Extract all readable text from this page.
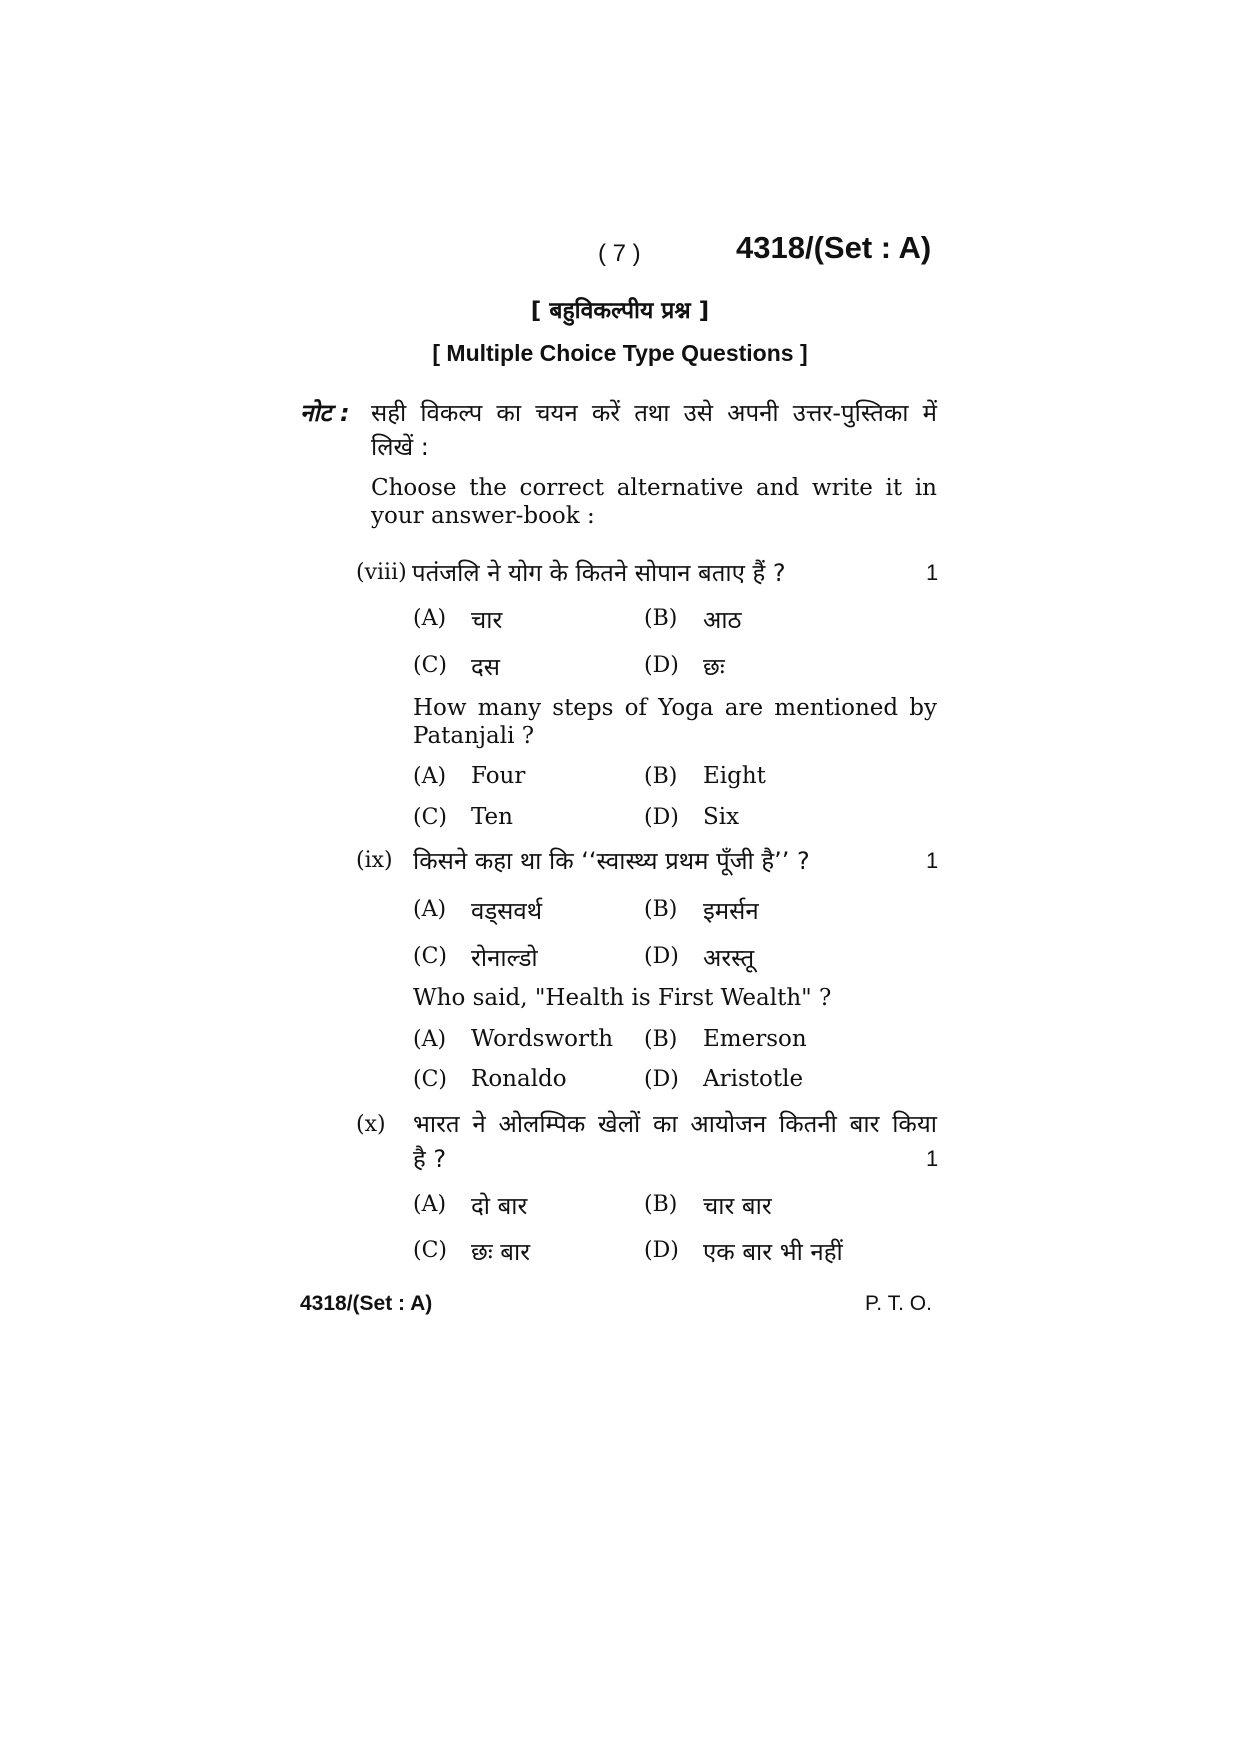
( 7 )	4318/(Set : A)
[ बहुविकल्पीय प्रश्न ]
[ Multiple Choice Type Questions ]
नोट : सही विकल्प का चयन करें तथा उसे अपनी उत्तर-पुस्तिका में
लिखें :
Choose the correct alternative and write it in
your answer-book :
(viii) पतंजलि ने योग के कितने सोपान बताए हैं ?	1
(A) चार	(B) आठ
(C) दस	(D) छः
How many steps of Yoga are mentioned by
Patanjali ?
(A) Four	(B) Eight
(C) Ten	(D) Six
(ix) किसने कहा था कि ‘‘स्वास्थ्य प्रथम पूँजी है’’ ?	1
(A) वड्सवर्थ	(B) इमर्सन
(C) रोनाल्डो	(D) अरस्तू
Who said, "Health is First Wealth" ?
(A) Wordsworth (B) Emerson
(C) Ronaldo	(D) Aristotle
(x) भारत ने ओलम्पिक खेलों का आयोजन कितनी बार किया
है ?	1
(A) दो बार	(B) चार बार
(C) छः बार	(D) एक बार भी नहीं
4318/(Set : A)	P. T. O.
